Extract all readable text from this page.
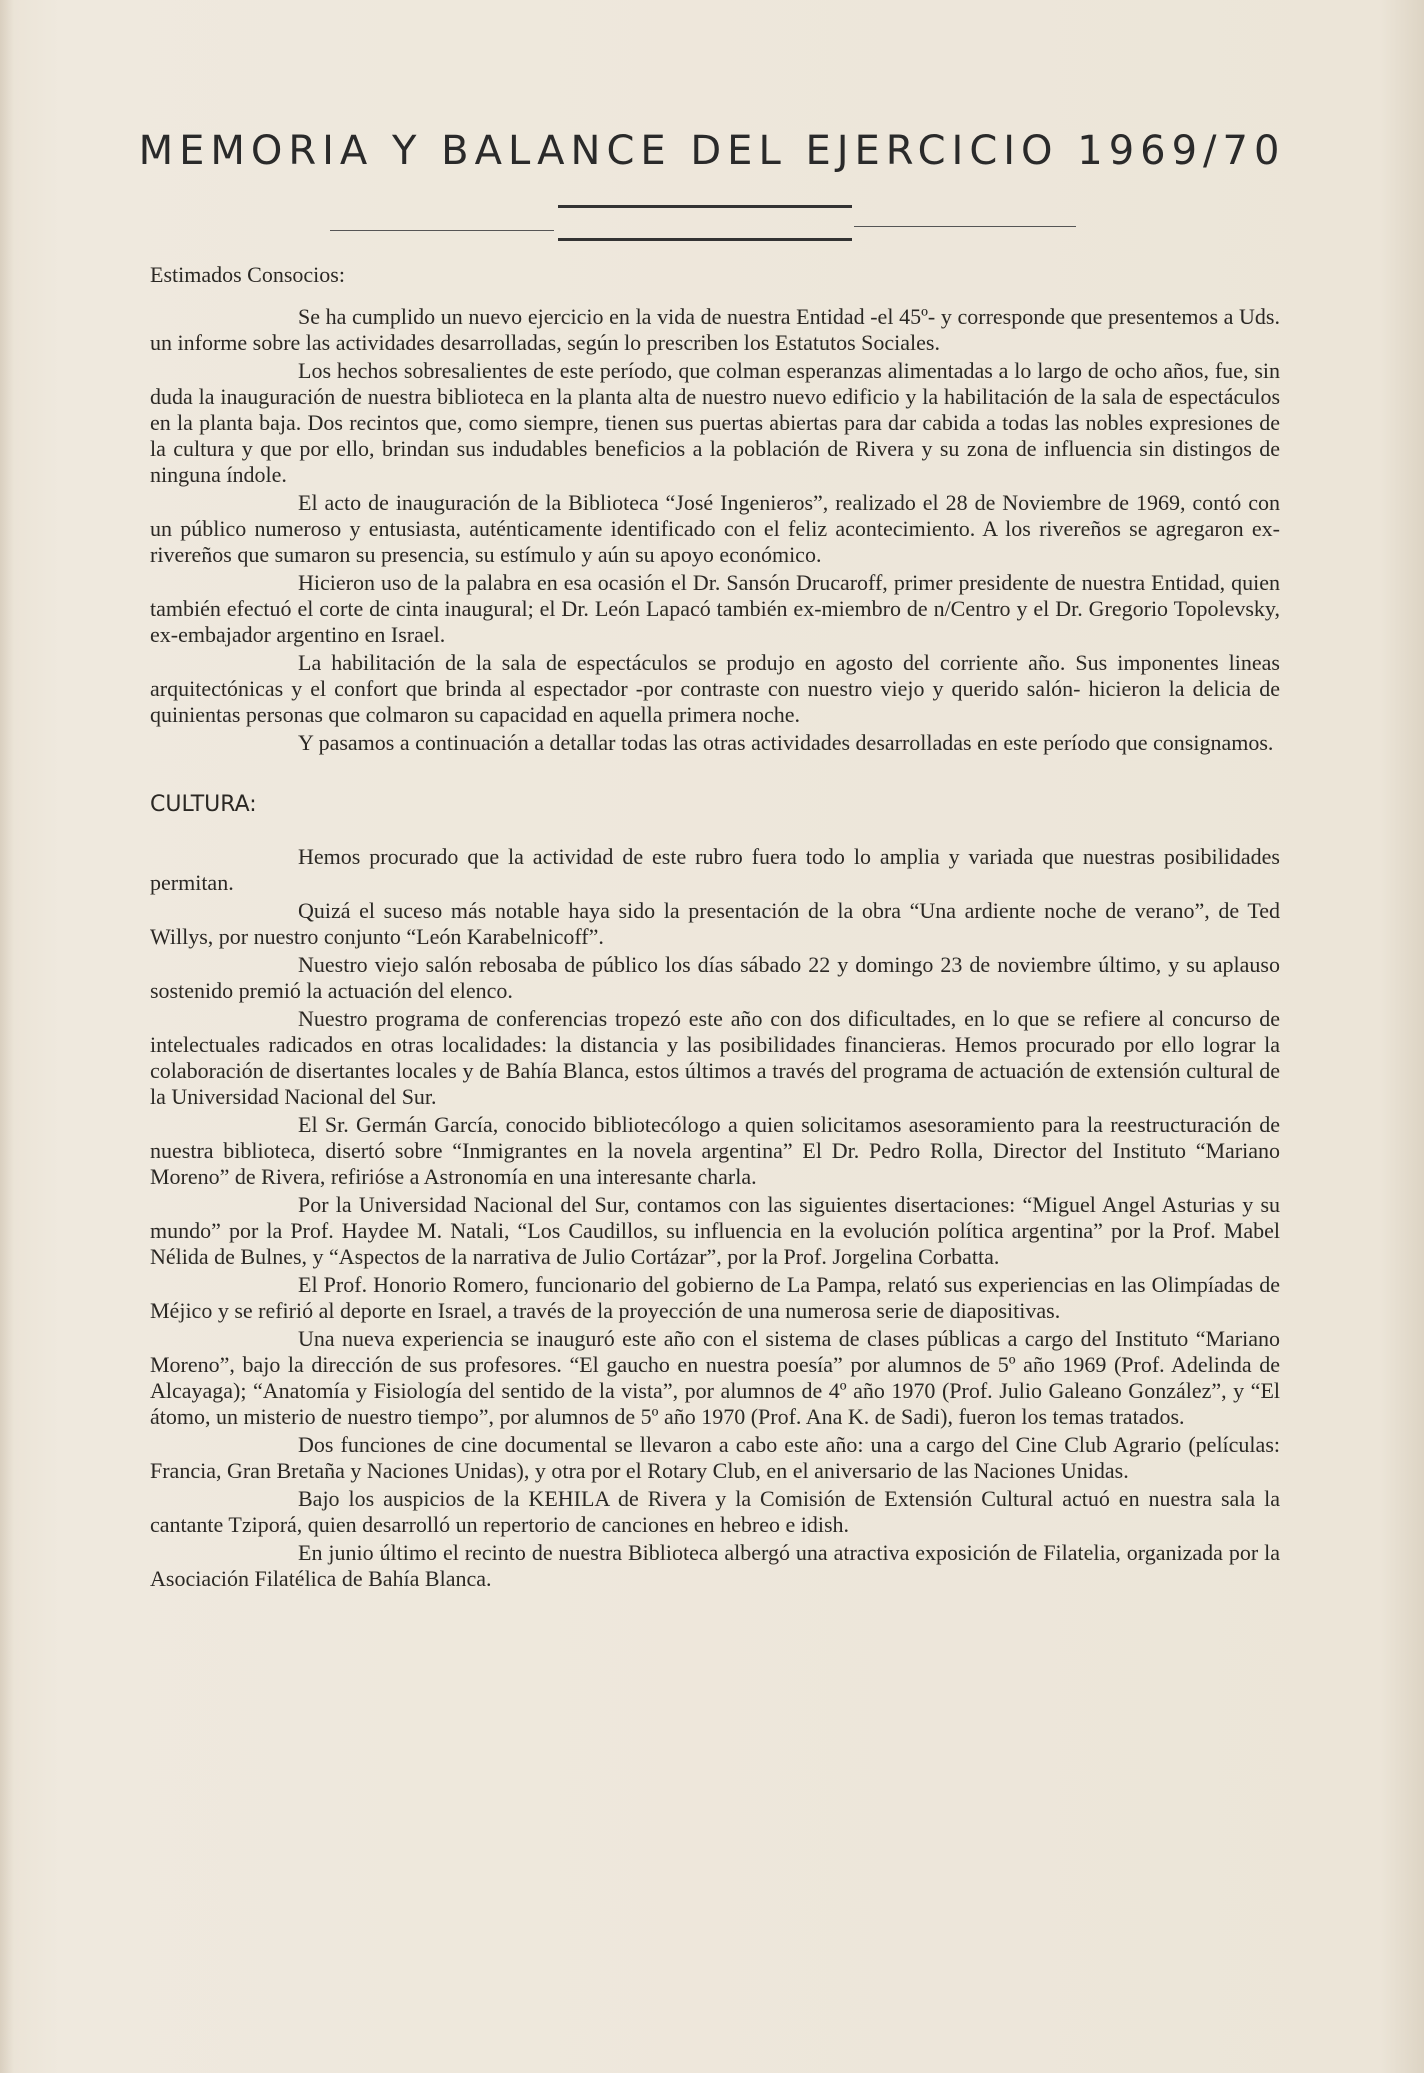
MEMORIA Y BALANCE DEL EJERCICIO 1969/70

Estimados Consocios:

Se ha cumplido un nuevo ejercicio en la vida de nuestra Entidad -el 45º- y corresponde que presentemos a Uds. un informe sobre las actividades desarrolladas, según lo prescriben los Estatutos Sociales.

Los hechos sobresalientes de este período, que colman esperanzas alimentadas a lo largo de ocho años, fue, sin duda la inauguración de nuestra biblioteca en la planta alta de nuestro nuevo edificio y la habilitación de la sala de espectáculos en la planta baja. Dos recintos que, como siempre, tienen sus puertas abiertas para dar cabida a todas las nobles expresiones de la cultura y que por ello, brindan sus indudables beneficios a la población de Rivera y su zona de influencia sin distingos de ninguna índole.

El acto de inauguración de la Biblioteca “José Ingenieros”, realizado el 28 de Noviembre de 1969, contó con un público numeroso y entusiasta, auténticamente identificado con el feliz acontecimiento. A los rivereños se agregaron ex-rivereños que sumaron su presencia, su estímulo y aún su apoyo económico.

Hicieron uso de la palabra en esa ocasión el Dr. Sansón Drucaroff, primer presidente de nuestra Entidad, quien también efectuó el corte de cinta inaugural; el Dr. León Lapacó también ex-miembro de n/Centro y el Dr. Gregorio Topolevsky, ex-embajador argentino en Israel.

La habilitación de la sala de espectáculos se produjo en agosto del corriente año. Sus imponentes lineas arquitectónicas y el confort que brinda al espectador -por contraste con nuestro viejo y querido salón- hicieron la delicia de quinientas personas que colmaron su capacidad en aquella primera noche.

Y pasamos a continuación a detallar todas las otras actividades desarrolladas en este período que consignamos.

CULTURA:

Hemos procurado que la actividad de este rubro fuera todo lo amplia y variada que nuestras posibilidades permitan.

Quizá el suceso más notable haya sido la presentación de la obra “Una ardiente noche de verano”, de Ted Willys, por nuestro conjunto “León Karabelnicoff”.

Nuestro viejo salón rebosaba de público los días sábado 22 y domingo 23 de noviembre último, y su aplauso sostenido premió la actuación del elenco.

Nuestro programa de conferencias tropezó este año con dos dificultades, en lo que se refiere al concurso de intelectuales radicados en otras localidades: la distancia y las posibilidades financieras. Hemos procurado por ello lograr la colaboración de disertantes locales y de Bahía Blanca, estos últimos a través del programa de actuación de extensión cultural de la Universidad Nacional del Sur.

El Sr. Germán García, conocido bibliotecólogo a quien solicitamos asesoramiento para la reestructuración de nuestra biblioteca, disertó sobre “Inmigrantes en la novela argentina” El Dr. Pedro Rolla, Director del Instituto “Mariano Moreno” de Rivera, refirióse a Astronomía en una interesante charla.

Por la Universidad Nacional del Sur, contamos con las siguientes disertaciones: “Miguel Angel Asturias y su mundo” por la Prof. Haydee M. Natali, “Los Caudillos, su influencia en la evolución política argentina” por la Prof. Mabel Nélida de Bulnes, y “Aspectos de la narrativa de Julio Cortázar”, por la Prof. Jorgelina Corbatta.

El Prof. Honorio Romero, funcionario del gobierno de La Pampa, relató sus experiencias en las Olimpíadas de Méjico y se refirió al deporte en Israel, a través de la proyección de una numerosa serie de diapositivas.

Una nueva experiencia se inauguró este año con el sistema de clases públicas a cargo del Instituto “Mariano Moreno”, bajo la dirección de sus profesores. “El gaucho en nuestra poesía” por alumnos de 5º año 1969 (Prof. Adelinda de Alcayaga); “Anatomía y Fisiología del sentido de la vista”, por alumnos de 4º año 1970 (Prof. Julio Galeano González”, y “El átomo, un misterio de nuestro tiempo”, por alumnos de 5º año 1970 (Prof. Ana K. de Sadi), fueron los temas tratados.

Dos funciones de cine documental se llevaron a cabo este año: una a cargo del Cine Club Agrario (películas: Francia, Gran Bretaña y Naciones Unidas), y otra por el Rotary Club, en el aniversario de las Naciones Unidas.

Bajo los auspicios de la KEHILA de Rivera y la Comisión de Extensión Cultural actuó en nuestra sala la cantante Tziporá, quien desarrolló un repertorio de canciones en hebreo e idish.

En junio último el recinto de nuestra Biblioteca albergó una atractiva exposición de Filatelia, organizada por la Asociación Filatélica de Bahía Blanca.
